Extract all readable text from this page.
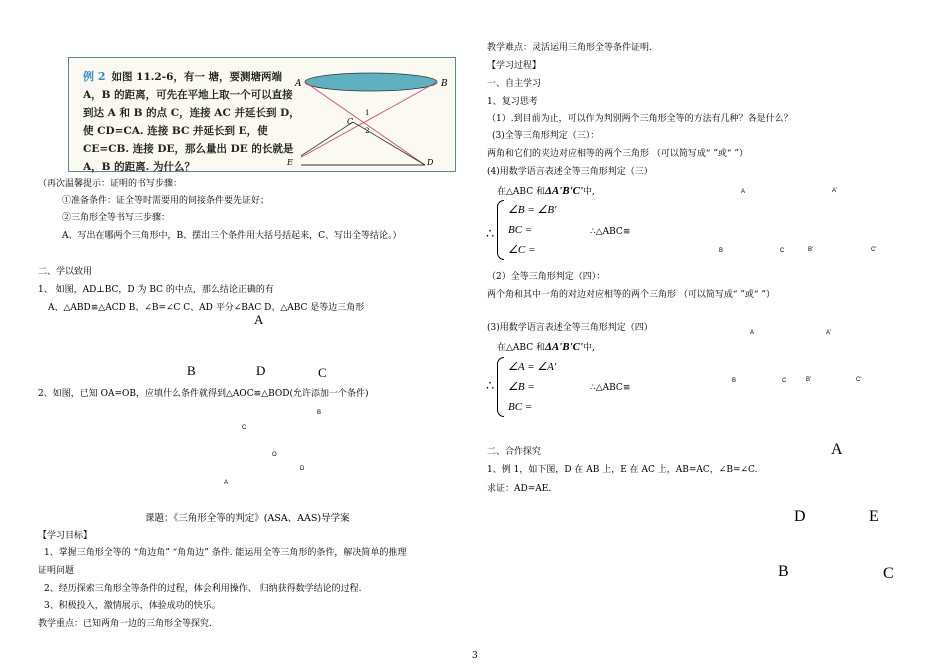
例 2 如图 11.2-6，有一 塘，要测塘两端 A，B 的距离，可先在平地上取一个可以直接到达 A 和 B 的点 C，连接 AC 并延长到 D，使 CD=CA. 连接 BC 并延长到 E，使 CE=CB. 连接 DE，那么量出 DE 的长就是 A，B 的距离. 为什么？
A	B
C
1
2
E	D
（再次温馨提示：证明的书写步骤：
①准备条件：证全等时需要用的间接条件要先证好；
②三角形全等书写三步骤：
A、写出在哪两个三角形中，B、摆出三个条件用大括号括起来，C、写出全等结论。）
二、学以致用
1、 如图，AD⊥BC，D 为 BC 的中点，那么结论正确的有
A、△ABD≌△ACD B、∠B=∠C C、AD 平分∠BAC D、△ABC 是等边三角形
A
B	D	C
2、如图，已知 OA=OB，应填什么条件就得到△AOC≌△BOD(允许添加一个条件)
C
B
O
D
A
课题：《三角形全等的判定》(ASA、AAS)导学案
【学习目标】
1、掌握三角形全等的 “角边角” “角角边” 条件. 能运用全等三角形的条件，解决简单的推理
证明问题
2、经历探索三角形全等条件的过程，体会利用操作、 归纳获得数学结论的过程.
3、积极投入，激情展示，体验成功的快乐。
教学重点：已知两角一边的三角形全等探究.
教学难点：灵活运用三角形全等条件证明.
【学习过程】
一、自主学习
1、复习思考
（1）.到目前为止，可以作为判别两个三角形全等的方法有几种？各是什么？
(3)全等三角形判定（三）：
两角和它们的夹边对应相等的两个三角形 （可以简写成“ ”或“ ”）
(4)用数学语言表述全等三角形判定（三）
在△ABC 和ΔA'B'C'中,
∴
∠B = ∠B'
BC =
∠C =
∴△ABC≌
A	A'
B	C	B'	C'
（2）全等三角形判定（四）：
两个角和其中一角的对边对应相等的两个三角形 （可以简写成“ ”或“ ”）
(3)用数学语言表述全等三角形判定（四）
在△ABC 和ΔA'B'C'中,
∴
∠A = ∠A'
∠B =
BC =
∴△ABC≌
A	A'
B	C	B'	C'
二、合作探究	A
1、例 1，如下图，D 在 AB 上，E 在 AC 上，AB=AC，∠B=∠C.
求证：AD=AE.
D	E
B	C
3
